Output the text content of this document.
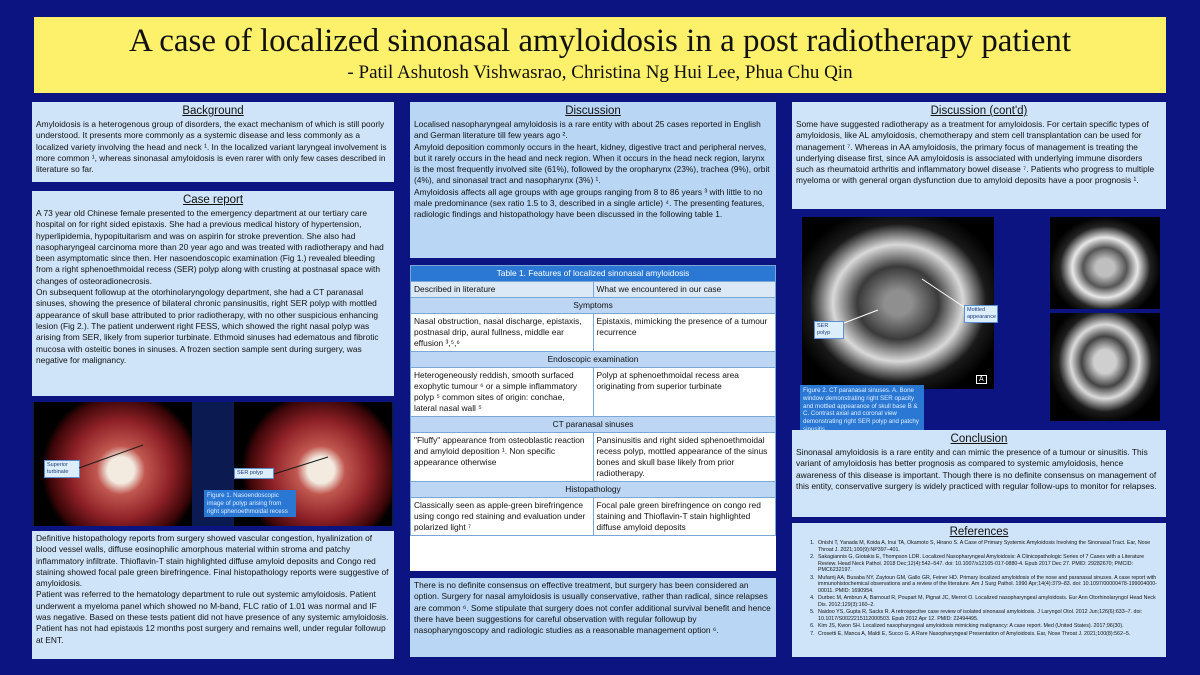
A case of localized sinonasal amyloidosis in a post radiotherapy patient
- Patil Ashutosh Vishwasrao, Christina Ng Hui Lee, Phua Chu Qin
Background

Amyloidosis is a heterogenous group of disorders, the exact mechanism of which is still poorly understood. It presents more commonly as a systemic disease and less commonly as a localized variety involving the head and neck ¹. In the localized variant laryngeal involvement is more common ¹, whereas sinonasal amyloidosis is even rarer with only few cases described in literature so far.

Case report

A 73 year old Chinese female presented to the emergency department at our tertiary care hospital on for right sided epistaxis. She had a previous medical history of hypertension, hyperlipidemia, hypopituitarism and was on aspirin for stroke prevention. She also had nasopharyngeal carcinoma more than 20 year ago and was treated with radiotherapy and had been asymptomatic since then. Her nasoendoscopic examination (Fig 1.) revealed bleeding from a right sphenoethmoidal recess (SER) polyp along with crusting at postnasal space with changes of osteoradionecrosis.

On subsequent followup at the otorhinolaryngology department, she had a CT paranasal sinuses, showing the presence of bilateral chronic pansinusitis, right SER polyp with mottled appearance of skull base attributed to prior radiotherapy, with no other suspicious enhancing lesion (Fig 2.). The patient underwent right FESS, which showed the right nasal polyp was arising from SER, likely from superior turbinate. Ethmoid sinuses had edematous and fibrotic mucosa with osteitic bones in sinuses. A frozen section sample sent during surgery, was negative for malignancy.

Superior turbinate	SER polyp
Figure 1. Nasoendoscopic image of polyp arising from right sphenoethmoidal recess

Definitive histopathology reports from surgery showed vascular congestion, hyalinization of blood vessel walls, diffuse eosinophilic amorphous material within stroma and patchy inflammatory infiltrate. Thioflavin-T stain highlighted diffuse amyloid deposits and Congo red staining showed focal pale green birefringence. Final histopathology reports were suggestive of amyloidosis.

Patient was referred to the hematology department to rule out systemic amyloidosis. Patient underwent a myeloma panel which showed no M-band, FLC ratio of 1.01 was normal and IF was negative. Based on these tests patient did not have presence of any systemic amyloidosis. Patient has not had epistaxis 12 months post surgery and remains well, under regular followup at ENT.

Discussion

Localised nasopharyngeal amyloidosis is a rare entity with about 25 cases reported in English and German literature till few years ago ².

Amyloid deposition commonly occurs in the heart, kidney, digestive tract and peripheral nerves, but it rarely occurs in the head and neck region. When it occurs in the head neck region, larynx is the most frequently involved site (61%), followed by the oropharynx (23%), trachea (9%), orbit (4%), and sinonasal tract and nasopharynx (3%) ¹.

Amyloidosis affects all age groups with age groups ranging from 8 to 86 years ³ with little to no male predominance (sex ratio 1.5 to 3, described in a single article) ⁴. The presenting features, radiologic findings and histopathology have been discussed in the following table 1.

Table 1. Features of localized sinonasal amyloidosis	
Described in literature	What we encountered in our case
Symptoms	
Nasal obstruction, nasal discharge, epistaxis, postnasal drip, aural fullness, middle ear effusion ³,⁵,⁶	Epistaxis, mimicking the presence of a tumour recurrence
Endoscopic examination	
Heterogeneously reddish, smooth surfaced exophytic tumour ⁶ or a simple inflammatory polyp ⁵ common sites of origin: conchae, lateral nasal wall ⁵	Polyp at sphenoethmoidal recess area originating from superior turbinate
CT paranasal sinuses	
"Fluffy" appearance from osteoblastic reaction and amyloid deposition ¹. Non specific appearance otherwise	Pansinusitis and right sided sphenoethmoidal recess polyp, mottled appearance of the sinus bones and skull base likely from prior radiotherapy.
Histopathology	
Classically seen as apple-green birefringence using congo red staining and evaluation under polarized light ⁷	Focal pale green birefringence on congo red staining and Thioflavin-T stain highlighted diffuse amyloid deposits

There is no definite consensus on effective treatment, but surgery has been considered an option. Surgery for nasal amyloidosis is usually conservative, rather than radical, since relapses are common ⁶. Some stipulate that surgery does not confer additional survival benefit and hence there have been suggestions for careful observation with regular followup by nasopharyngoscopy and radiologic studies as a reasonable management option ⁶.

Discussion (cont'd)

Some have suggested radiotherapy as a treatment for amyloidosis. For certain specific types of amyloidosis, like AL amyloidosis, chemotherapy and stem cell transplantation can be used for management ⁷. Whereas in AA amyloidosis, the primary focus of management is treating the underlying disease first, since AA amyloidosis is associated with underlying immune disorders such as rheumatoid arthritis and inflammatory bowel disease ⁷. Patients who progress to multiple myeloma or with general organ dysfunction due to amyloid deposits have a poor prognosis ¹.

SER polyp
Mottled appearance
A
Figure 2. CT paranasal sinuses. A. Bone window demonstrating right SER opacity and mottled appearance of skull base B & C. Contrast axial and coronal view demonstrating right SER polyp and patchy
Conclusion

Sinonasal amyloidosis is a rare entity and can mimic the presence of a tumour or sinusitis. This variant of amyloidosis has better prognosis as compared to systemic amyloidosis, hence awareness of this disease is important. Though there is no definite consensus on management of this entity, conservative surgery is widely practiced with regular follow-ups to monitor for relapses.

References
1. Onishi T, Yanada M, Koida A, Inui TA, Okamoto S, Hirano S. A Case of Primary Systemic Amyloidosis Involving the Sinonasal Tract. Ear, Nose Throat J. 2021;100(9):NP397–401.
2. Sakagiannis G, Giotakis E, Thompson LDR. Localized Nasopharyngeal Amyloidosis: A Clinicopathologic Series of 7 Cases with a Literature Review. Head Neck Pathol. 2018 Dec;12(4):542–547. doi: 10.1007/s12105-017-0880-4. Epub 2017 Dec 27. PMID: 29282670; PMCID: PMC6232197.
3. Mufarrij AA, Busaba NY, Zaytoun GM, Gallo GR, Feiner HD. Primary localized amyloidosis of the nose and paranasal sinuses. A case report with immunohistochemical observations and a review of the literature. Am J Surg Pathol. 1990 Apr;14(4):379–83. doi: 10.1097/00000478-199004000-00011. PMID: 1690954.
4. Durbec M, Ambrun A, Barnoud R, Poupart M, Pignat JC, Merrot O. Localized nasopharyngeal amyloidosis. Eur Ann Otorhinolaryngol Head Neck Dis. 2012;129(3):160–2.
5. Naidoo YS, Gupta R, Sacks R. A retrospective case review of isolated sinonasal amyloidosis. J Laryngol Otol. 2012 Jun;126(6):633–7. doi: 10.1017/S0022215112000503. Epub 2012 Apr 12. PMID: 22494495.
6. Kim JS, Kwon SH. Localized nasopharyngeal amyloidosis mimicking malignancy: A case report. Med (United States). 2017;96(30).
7. Crosetti E, Manca A, Maldi E, Succo G. A Rare Nasopharyngeal Presentation of Amyloidosis. Ear, Nose Throat J. 2021;100(8):562–5.
